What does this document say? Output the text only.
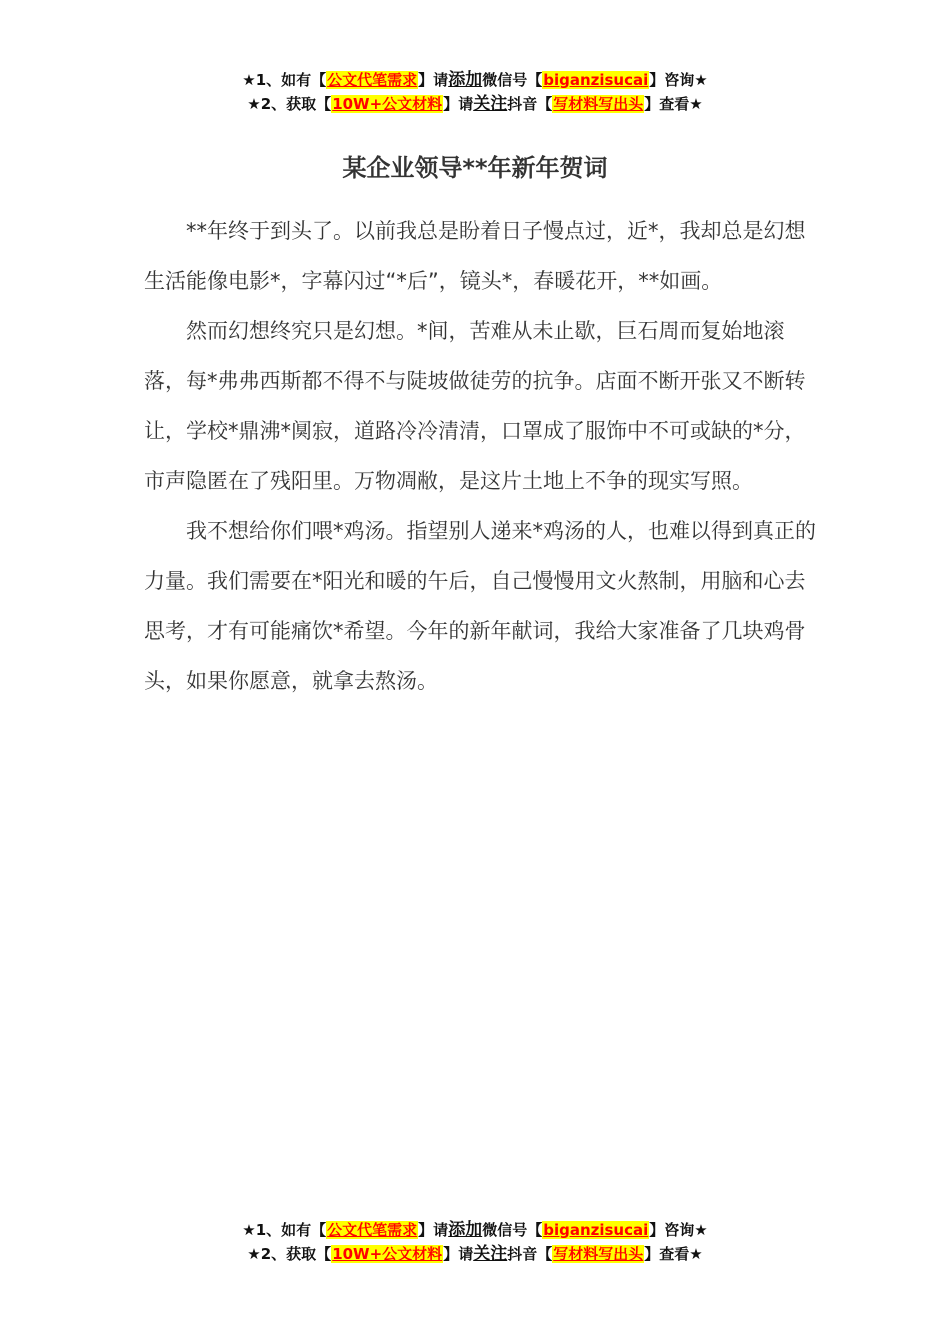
★1、如有【公文代笔需求】请添加微信号【biganzisucai】咨询★
★2、获取【10W+公文材料】请关注抖音【写材料写出头】查看★
某企业领导**年新年贺词

**年终于到头了。以前我总是盼着日子慢点过，近*，我却总是幻想生活能像电影*，字幕闪过“*后”，镜头*，春暖花开，**如画。

然而幻想终究只是幻想。*间，苦难从未止歇，巨石周而复始地滚落，每*弗弗西斯都不得不与陡坡做徒劳的抗争。店面不断开张又不断转让，学校*鼎沸*阒寂，道路冷冷清清，口罩成了服饰中不可或缺的*分，市声隐匿在了残阳里。万物凋敝，是这片土地上不争的现实写照。

我不想给你们喂*鸡汤。指望别人递来*鸡汤的人，也难以得到真正的力量。我们需要在*阳光和暖的午后，自己慢慢用文火熬制，用脑和心去思考，才有可能痛饮*希望。今年的新年献词，我给大家准备了几块鸡骨头，如果你愿意，就拿去熬汤。

★1、如有【公文代笔需求】请添加微信号【biganzisucai】咨询★
★2、获取【10W+公文材料】请关注抖音【写材料写出头】查看★
